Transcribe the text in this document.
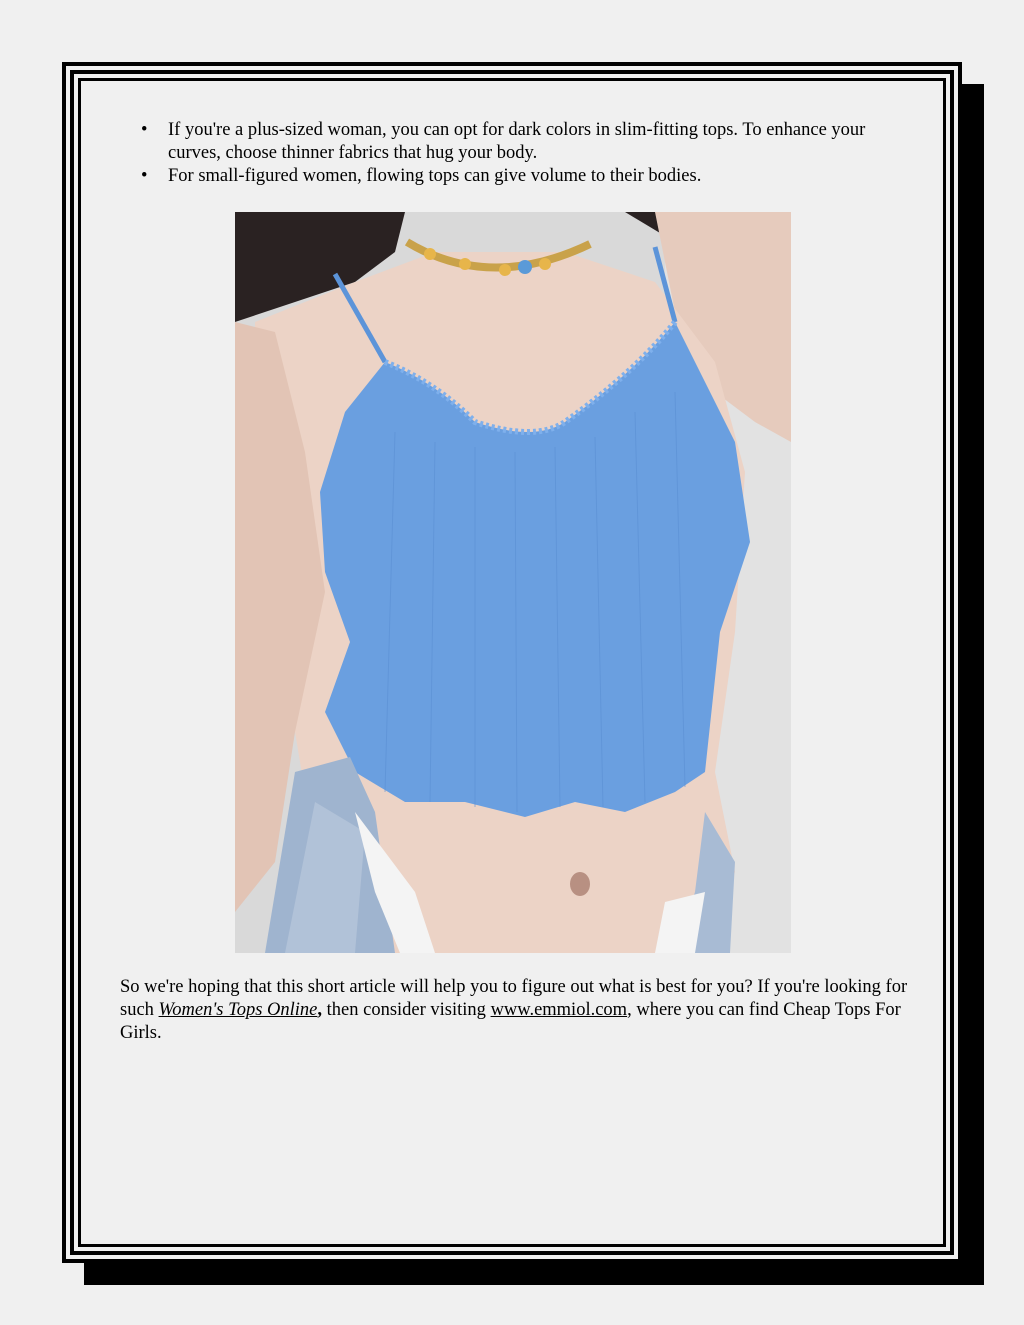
• If you're a plus-sized woman, you can opt for dark colors in slim-fitting tops. To enhance your curves, choose thinner fabrics that hug your body.
• For small-figured women, flowing tops can give volume to their bodies.

So we're hoping that this short article will help you to figure out what is best for you? If you're looking for such Women's Tops Online, then consider visiting www.emmiol.com, where you can find Cheap Tops For Girls.
